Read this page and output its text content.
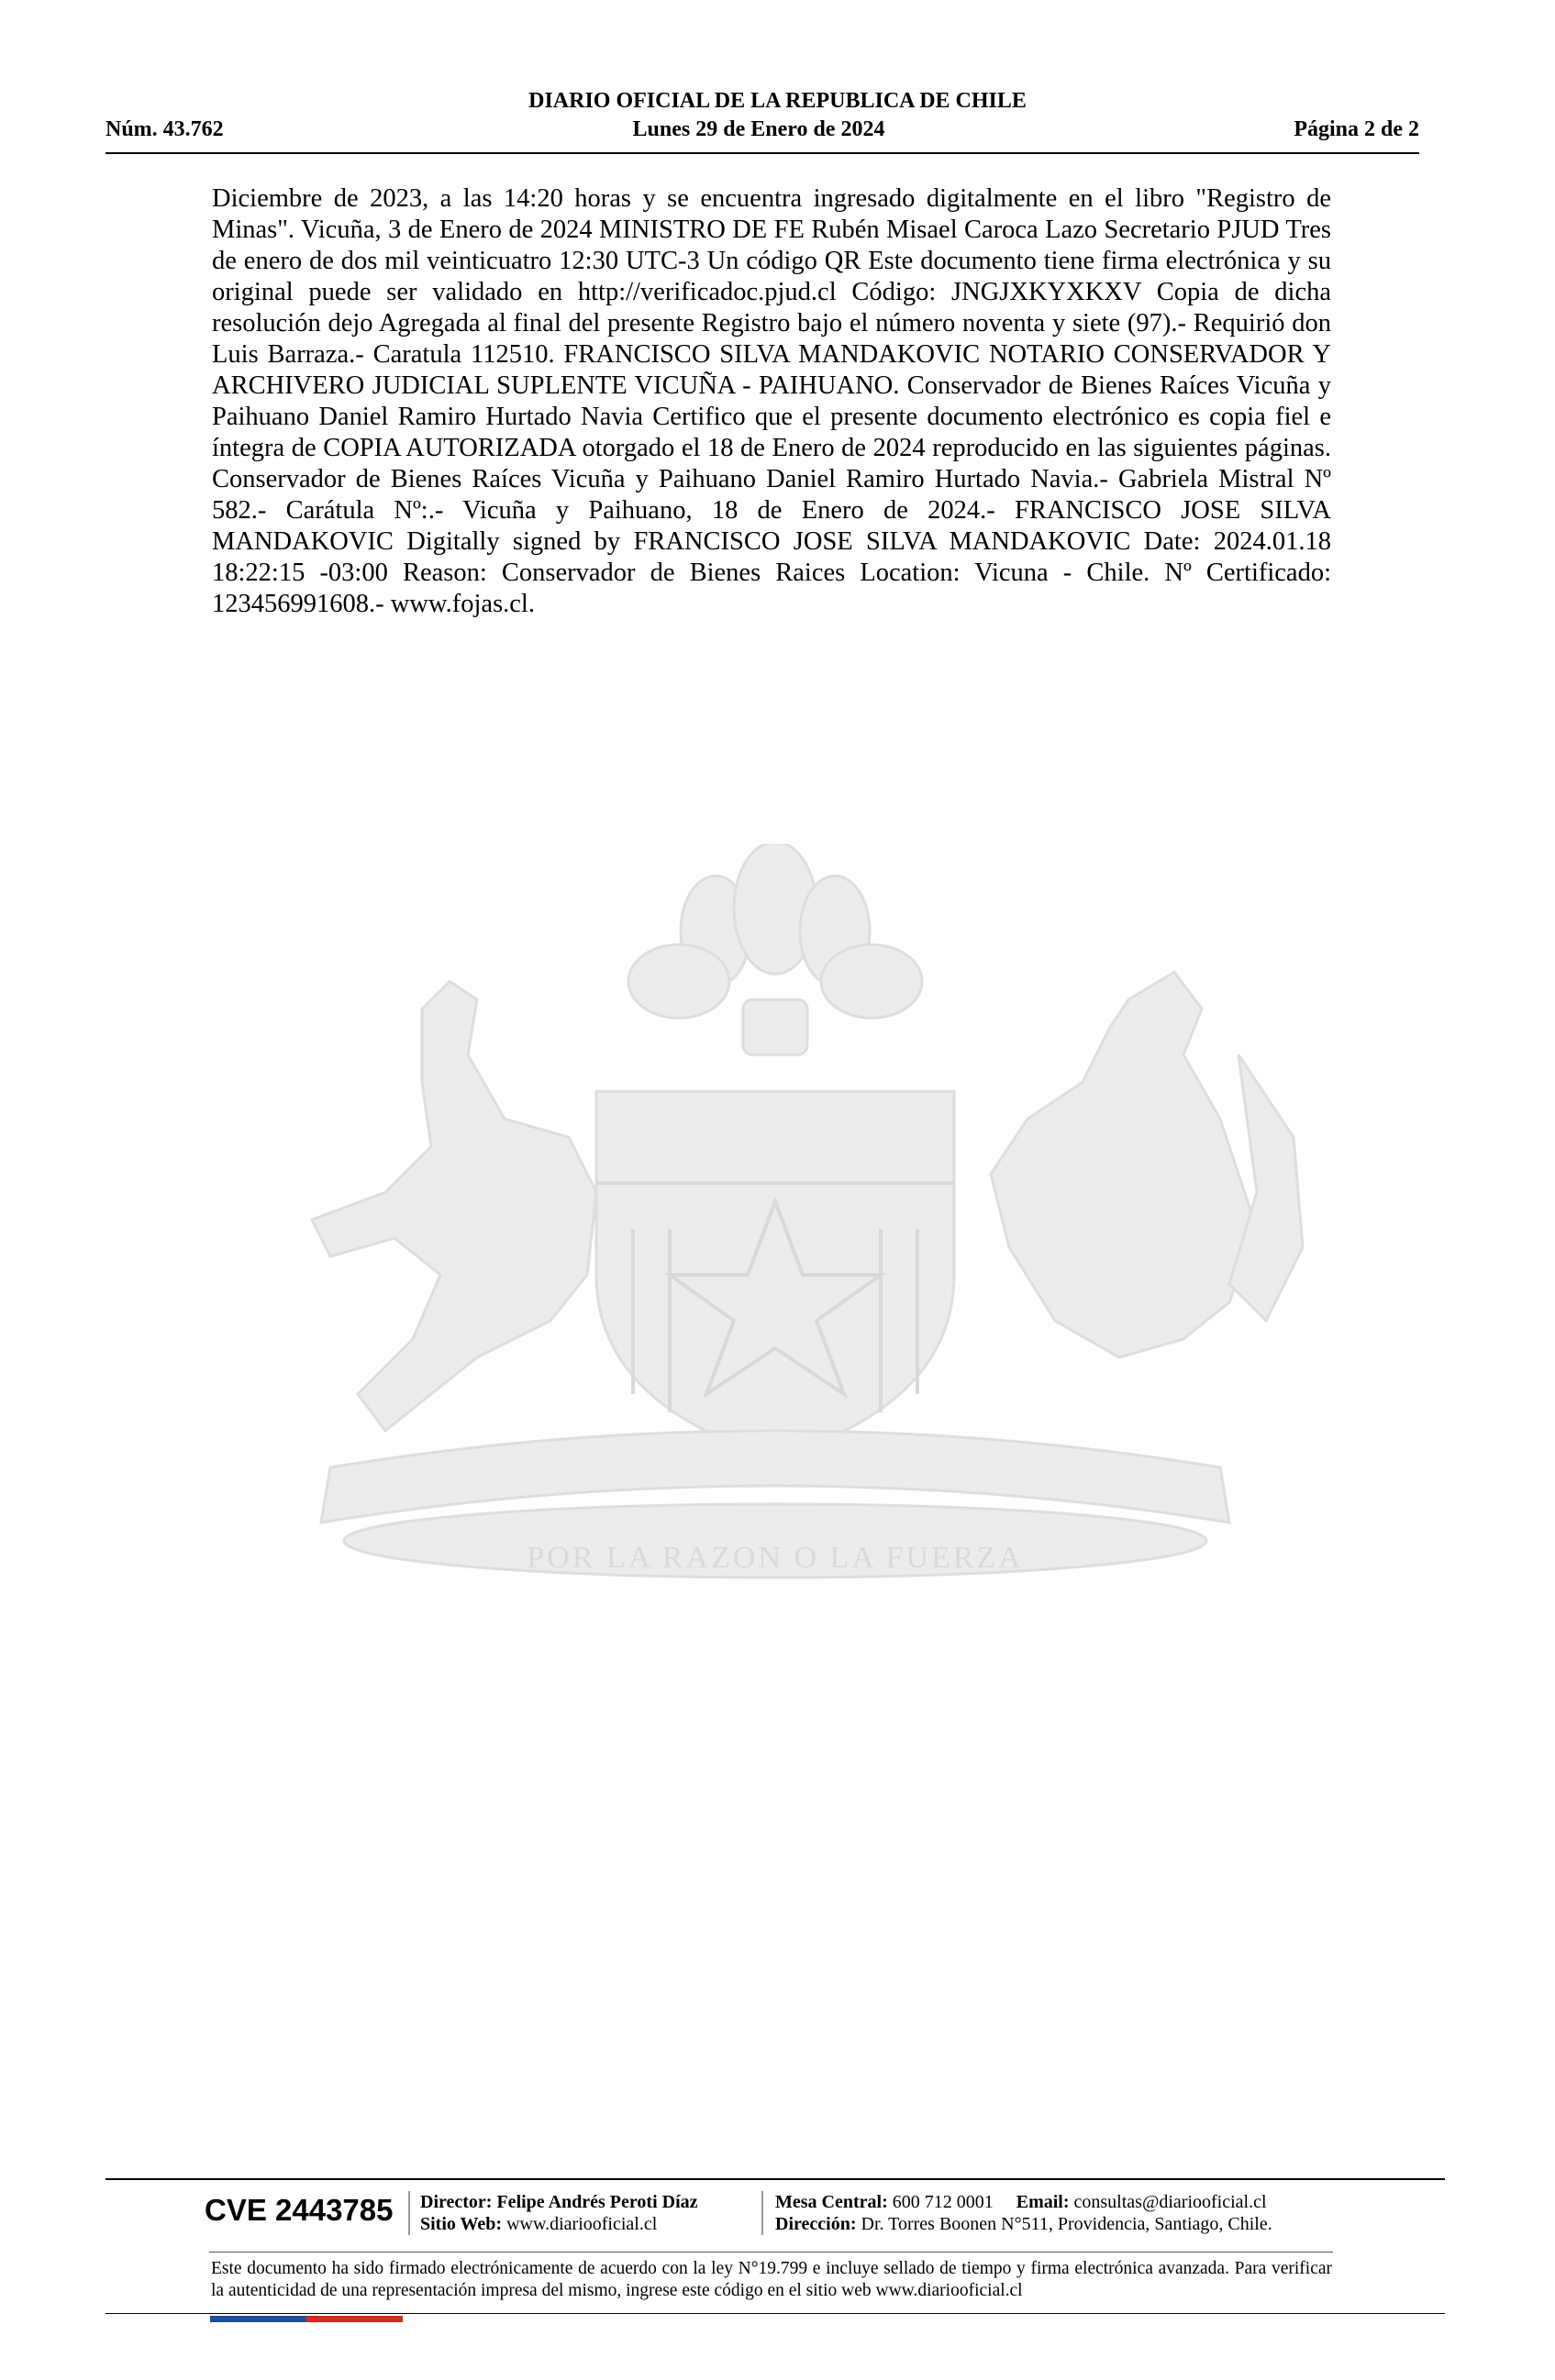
DIARIO OFICIAL DE LA REPUBLICA DE CHILE
Núm. 43.762	Lunes 29 de Enero de 2024	Página 2 de 2

Diciembre de 2023, a las 14:20 horas y se encuentra ingresado digitalmente en el libro "Registro de Minas". Vicuña, 3 de Enero de 2024 MINISTRO DE FE Rubén Misael Caroca Lazo Secretario PJUD Tres de enero de dos mil veinticuatro 12:30 UTC-3 Un código QR Este documento tiene firma electrónica y su original puede ser validado en http://verificadoc.pjud.cl Código: JNGJXKYXKXV Copia de dicha resolución dejo Agregada al final del presente Registro bajo el número noventa y siete (97).- Requirió don Luis Barraza.- Caratula 112510. FRANCISCO SILVA MANDAKOVIC NOTARIO CONSERVADOR Y ARCHIVERO JUDICIAL SUPLENTE VICUÑA - PAIHUANO. Conservador de Bienes Raíces Vicuña y Paihuano Daniel Ramiro Hurtado Navia Certifico que el presente documento electrónico es copia fiel e íntegra de COPIA AUTORIZADA otorgado el 18 de Enero de 2024 reproducido en las siguientes páginas. Conservador de Bienes Raíces Vicuña y Paihuano Daniel Ramiro Hurtado Navia.- Gabriela Mistral Nº 582.- Carátula Nº:.- Vicuña y Paihuano, 18 de Enero de 2024.- FRANCISCO JOSE SILVA MANDAKOVIC Digitally signed by FRANCISCO JOSE SILVA MANDAKOVIC Date: 2024.01.18 18:22:15 -03:00 Reason: Conservador de Bienes Raices Location: Vicuna - Chile. Nº Certificado: 123456991608.- www.fojas.cl.

POR LA RAZON O LA FUERZA
CVE 2443785 Director: Felipe Andrés Peroti Díaz
Sitio Web: www.diariooficial.cl
Mesa Central: 600 712 0001 Email: consultas@diariooficial.cl
Dirección: Dr. Torres Boonen N°511, Providencia, Santiago, Chile.

Este documento ha sido firmado electrónicamente de acuerdo con la ley N°19.799 e incluye sellado de tiempo y firma electrónica avanzada. Para verificar la autenticidad de una representación impresa del mismo, ingrese este código en el sitio web www.diariooficial.cl
